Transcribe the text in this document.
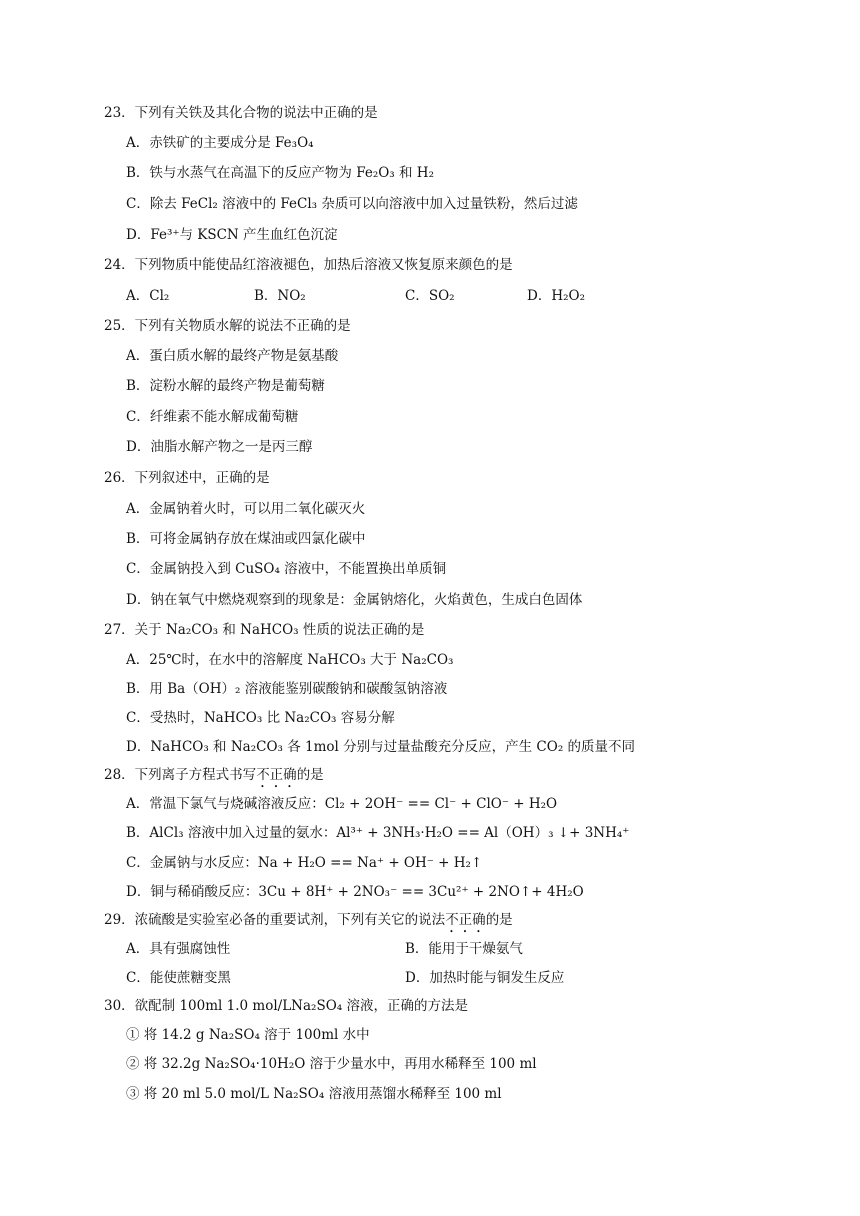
23．下列有关铁及其化合物的说法中正确的是
A．赤铁矿的主要成分是 Fe₃O₄
B．铁与水蒸气在高温下的反应产物为 Fe₂O₃ 和 H₂
C．除去 FeCl₂ 溶液中的 FeCl₃ 杂质可以向溶液中加入过量铁粉，然后过滤
D．Fe³⁺与 KSCN 产生血红色沉淀
24．下列物质中能使品红溶液褪色，加热后溶液又恢复原来颜色的是
A．Cl₂	B．NO₂	C．SO₂	D．H₂O₂
25．下列有关物质水解的说法不正确的是
A．蛋白质水解的最终产物是氨基酸
B．淀粉水解的最终产物是葡萄糖
C．纤维素不能水解成葡萄糖
D．油脂水解产物之一是丙三醇
26．下列叙述中，正确的是
A．金属钠着火时，可以用二氧化碳灭火
B．可将金属钠存放在煤油或四氯化碳中
C．金属钠投入到 CuSO₄ 溶液中，不能置换出单质铜
D．钠在氧气中燃烧观察到的现象是：金属钠熔化，火焰黄色，生成白色固体
27．关于 Na₂CO₃ 和 NaHCO₃ 性质的说法正确的是
A．25℃时，在水中的溶解度 NaHCO₃ 大于 Na₂CO₃
B．用 Ba（OH）₂ 溶液能鉴别碳酸钠和碳酸氢钠溶液
C．受热时，NaHCO₃ 比 Na₂CO₃ 容易分解
D．NaHCO₃ 和 Na₂CO₃ 各 1mol 分别与过量盐酸充分反应，产生 CO₂ 的质量不同
28．下列离子方程式书写不正确的是
A．常温下氯气与烧碱溶液反应：Cl₂ + 2OH⁻ == Cl⁻ + ClO⁻ + H₂O
B．AlCl₃ 溶液中加入过量的氨水：Al³⁺ + 3NH₃·H₂O == Al（OH）₃ ↓+ 3NH₄⁺
C．金属钠与水反应：Na + H₂O == Na⁺ + OH⁻ + H₂↑
D．铜与稀硝酸反应：3Cu + 8H⁺ + 2NO₃⁻ == 3Cu²⁺ + 2NO↑+ 4H₂O
29．浓硫酸是实验室必备的重要试剂，下列有关它的说法不正确的是
A．具有强腐蚀性	B．能用于干燥氨气
C．能使蔗糖变黑	D．加热时能与铜发生反应
30．欲配制 100ml 1.0 mol/LNa₂SO₄ 溶液，正确的方法是
① 将 14.2 g Na₂SO₄ 溶于 100ml 水中
② 将 32.2g Na₂SO₄·10H₂O 溶于少量水中，再用水稀释至 100 ml
③ 将 20 ml 5.0 mol/L Na₂SO₄ 溶液用蒸馏水稀释至 100 ml
